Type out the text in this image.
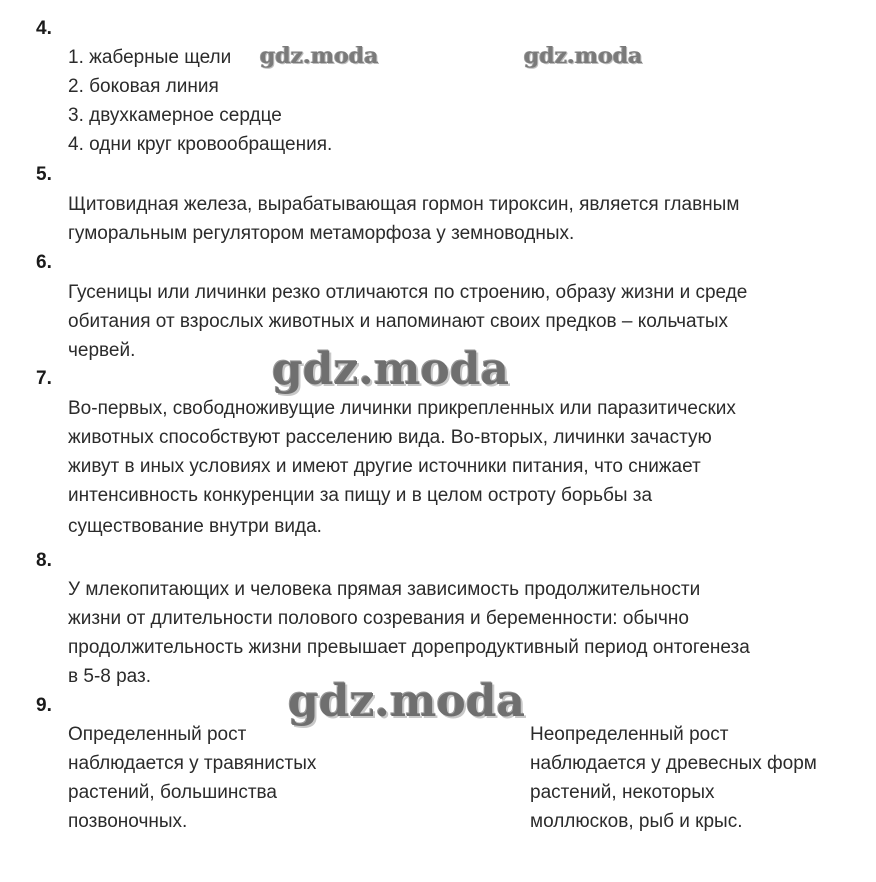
4.
1. жаберные щели
2. боковая линия
3. двухкамерное сердце
4. одни круг кровообращения.
5.
Щитовидная железа, вырабатывающая гормон тироксин, является главным
гуморальным регулятором метаморфоза у земноводных.
6.
Гусеницы или личинки резко отличаются по строению, образу жизни и среде
обитания от взрослых животных и напоминают своих предков – кольчатых
червей.
7.
Во-первых, свободноживущие личинки прикрепленных или паразитических
животных способствуют расселению вида. Во-вторых, личинки зачастую
живут в иных условиях и имеют другие источники питания, что снижает
интенсивность конкуренции за пищу и в целом остроту борьбы за
существование внутри вида.
8.
У млекопитающих и человека прямая зависимость продолжительности
жизни от длительности полового созревания и беременности: обычно
продолжительность жизни превышает дорепродуктивный период онтогенеза
в 5-8 раз.
9.
Определенный рост
наблюдается у травянистых
растений, большинства
позвоночных.
Неопределенный рост
наблюдается у древесных форм
растений, некоторых
моллюсков, рыб и крыс.
gdz.moda	gdz.moda
gdz.moda
gdz.moda
